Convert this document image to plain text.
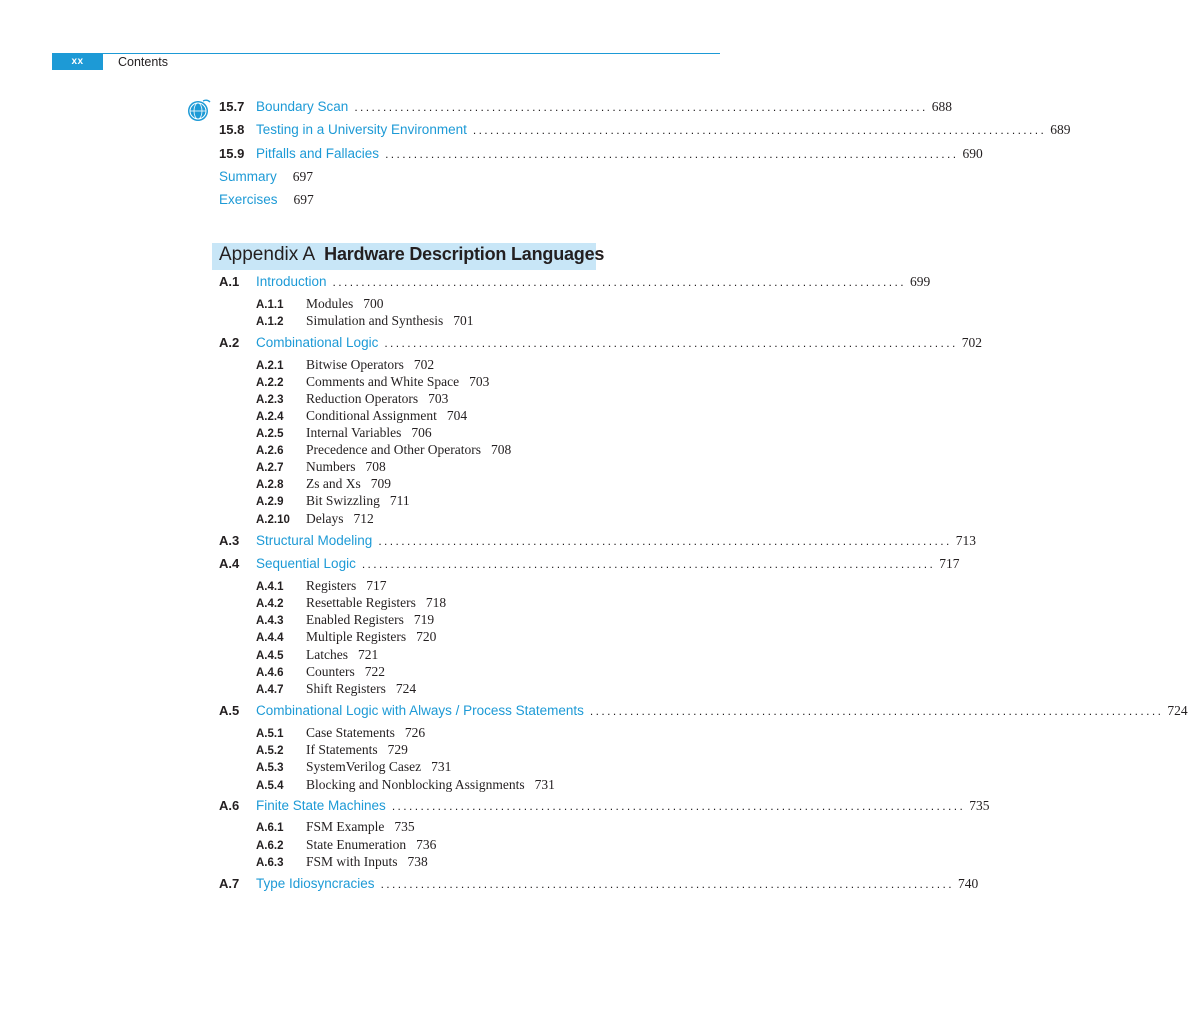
xx	Contents
15.7 Boundary Scan .................................................................................................... 688
15.8 Testing in a University Environment .................................................................................................... 689
15.9 Pitfalls and Fallacies .................................................................................................... 690
Summary 697
Exercises 697
Appendix A Hardware Description Languages
A.1	Introduction .................................................................................................... 699
A.1.1	Modules 700
A.1.2	Simulation and Synthesis 701
A.2	Combinational Logic .................................................................................................... 702
A.2.1	Bitwise Operators 702
A.2.2	Comments and White Space 703
A.2.3	Reduction Operators 703
A.2.4	Conditional Assignment 704
A.2.5	Internal Variables 706
A.2.6	Precedence and Other Operators 708
A.2.7	Numbers 708
A.2.8	Zs and Xs 709
A.2.9	Bit Swizzling 711
A.2.10	Delays 712
A.3	Structural Modeling .................................................................................................... 713
A.4	Sequential Logic .................................................................................................... 717
A.4.1	Registers 717
A.4.2	Resettable Registers 718
A.4.3	Enabled Registers 719
A.4.4	Multiple Registers 720
A.4.5	Latches 721
A.4.6	Counters 722
A.4.7	Shift Registers 724
A.5	Combinational Logic with Always / Process Statements .................................................................................................... 724
A.5.1	Case Statements 726
A.5.2	If Statements 729
A.5.3	SystemVerilog Casez 731
A.5.4	Blocking and Nonblocking Assignments 731
A.6	Finite State Machines .................................................................................................... 735
A.6.1	FSM Example 735
A.6.2	State Enumeration 736
A.6.3	FSM with Inputs 738
A.7	Type Idiosyncracies .................................................................................................... 740
